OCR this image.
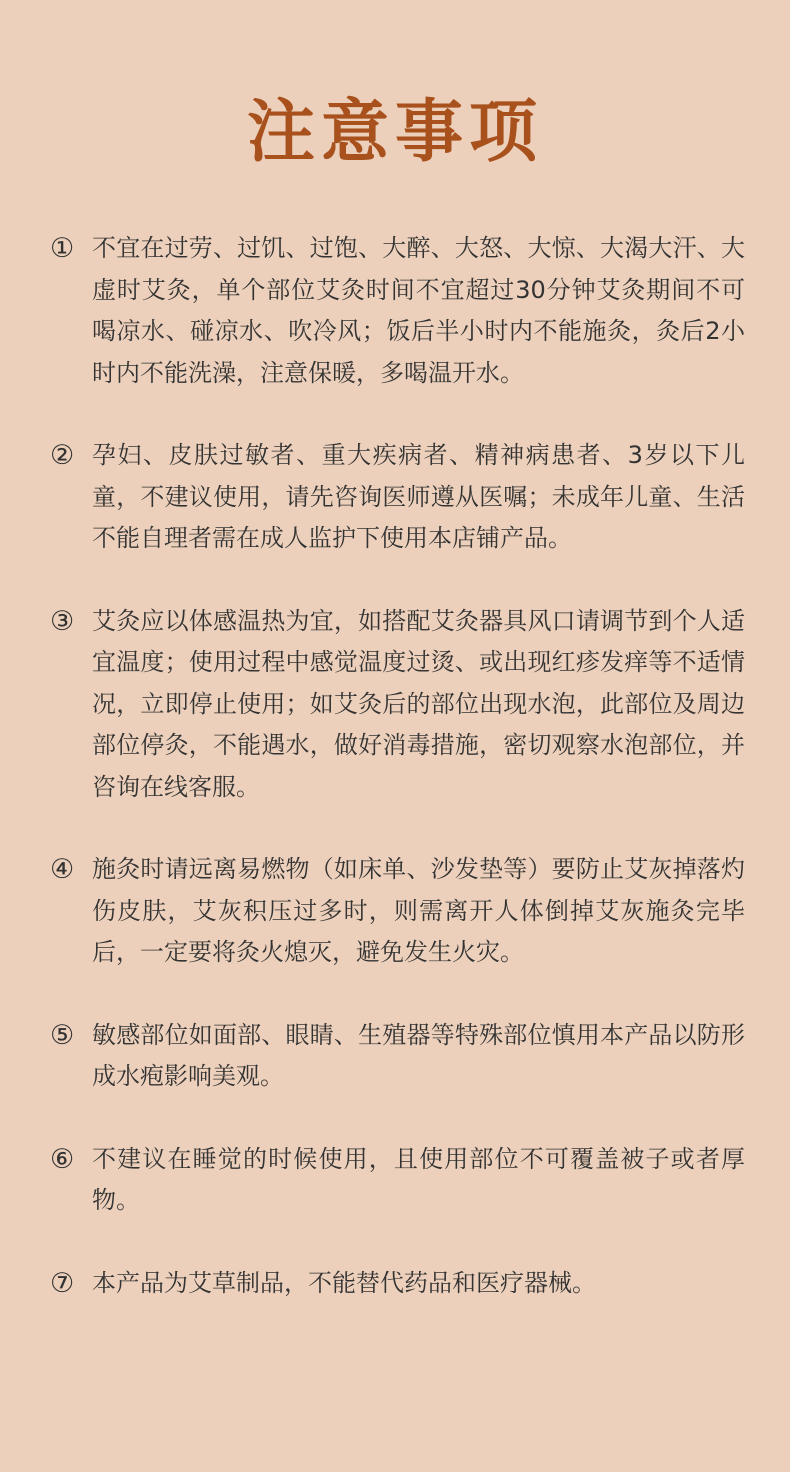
注意事项
① 不宜在过劳、过饥、过饱、大醉、大怒、大惊、大渴大汗、大虚时艾灸，单个部位艾灸时间不宜超过30分钟艾灸期间不可喝凉水、碰凉水、吹冷风；饭后半小时内不能施灸，灸后2小时内不能洗澡，注意保暖，多喝温开水。
② 孕妇、皮肤过敏者、重大疾病者、精神病患者、3岁以下儿童，不建议使用，请先咨询医师遵从医嘱；未成年儿童、生活不能自理者需在成人监护下使用本店铺产品。
③ 艾灸应以体感温热为宜，如搭配艾灸器具风口请调节到个人适宜温度；使用过程中感觉温度过烫、或出现红疹发痒等不适情况，立即停止使用；如艾灸后的部位出现水泡，此部位及周边部位停灸，不能遇水，做好消毒措施，密切观察水泡部位，并咨询在线客服。
④ 施灸时请远离易燃物（如床单、沙发垫等）要防止艾灰掉落灼伤皮肤，艾灰积压过多时，则需离开人体倒掉艾灰施灸完毕后，一定要将灸火熄灭，避免发生火灾。
⑤ 敏感部位如面部、眼睛、生殖器等特殊部位慎用本产品以防形成水疱影响美观。
⑥ 不建议在睡觉的时候使用，且使用部位不可覆盖被子或者厚物。
⑦ 本产品为艾草制品，不能替代药品和医疗器械。
